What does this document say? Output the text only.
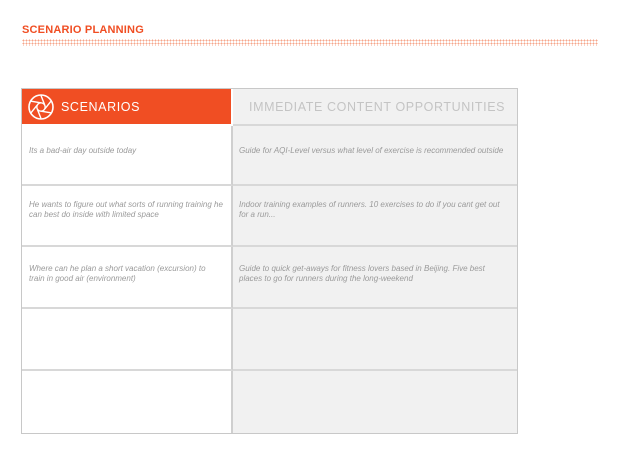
SCENARIO PLANNING
SCENARIOS	IMMEDIATE CONTENT OPPORTUNITIES
Its a bad-air day outside today	Guide for AQI-Level versus what level of exercise is recommended outside
He wants to figure out what sorts of running training he can best do inside with limited space
Indoor training examples of runners. 10 exercises to do if you cant get out for a run...
Where can he plan a short vacation (excursion) to train in good air (environment)
Guide to quick get-aways for fitness lovers based in Beijing. Five best places to go for runners during the long-weekend
